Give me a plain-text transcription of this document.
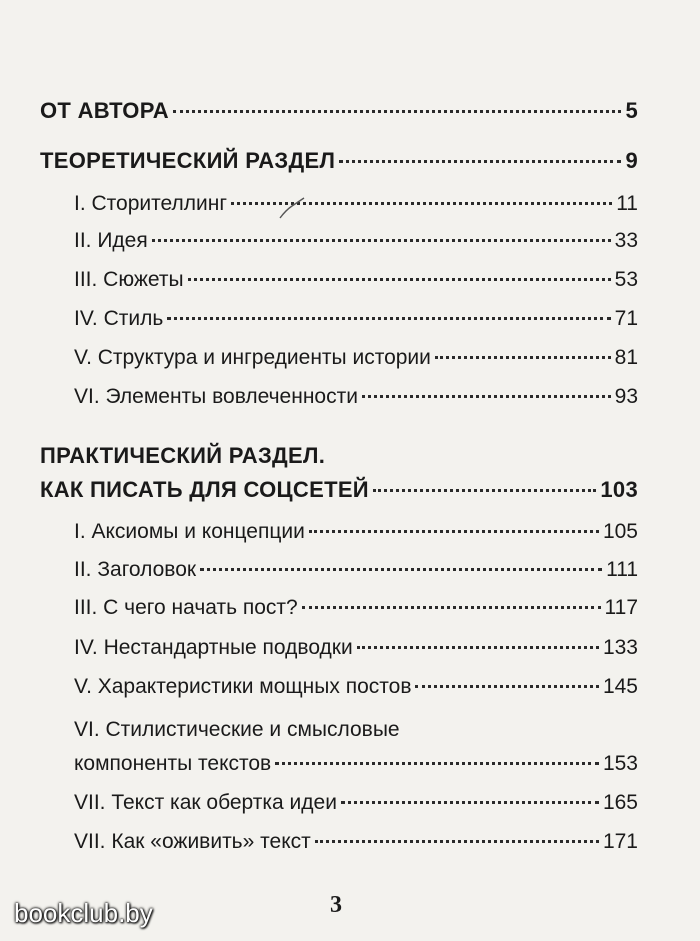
ОТ АВТОРА	5
ТЕОРЕТИЧЕСКИЙ РАЗДЕЛ	9
I. Сторителлинг	11
II. Идея	33
III. Сюжеты	53
IV. Стиль	71
V. Структура и ингредиенты истории	81
VI. Элементы вовлеченности	93
ПРАКТИЧЕСКИЙ РАЗДЕЛ.
КАК ПИСАТЬ ДЛЯ СОЦСЕТЕЙ	103
I. Аксиомы и концепции	105
II. Заголовок	111
III. С чего начать пост?	117
IV. Нестандартные подводки	133
V. Характеристики мощных постов	145
VI. Стилистические и смысловые
компоненты текстов	153
VII. Текст как обертка идеи	165
VII. Как «оживить» текст	171
3
bookclub.by
